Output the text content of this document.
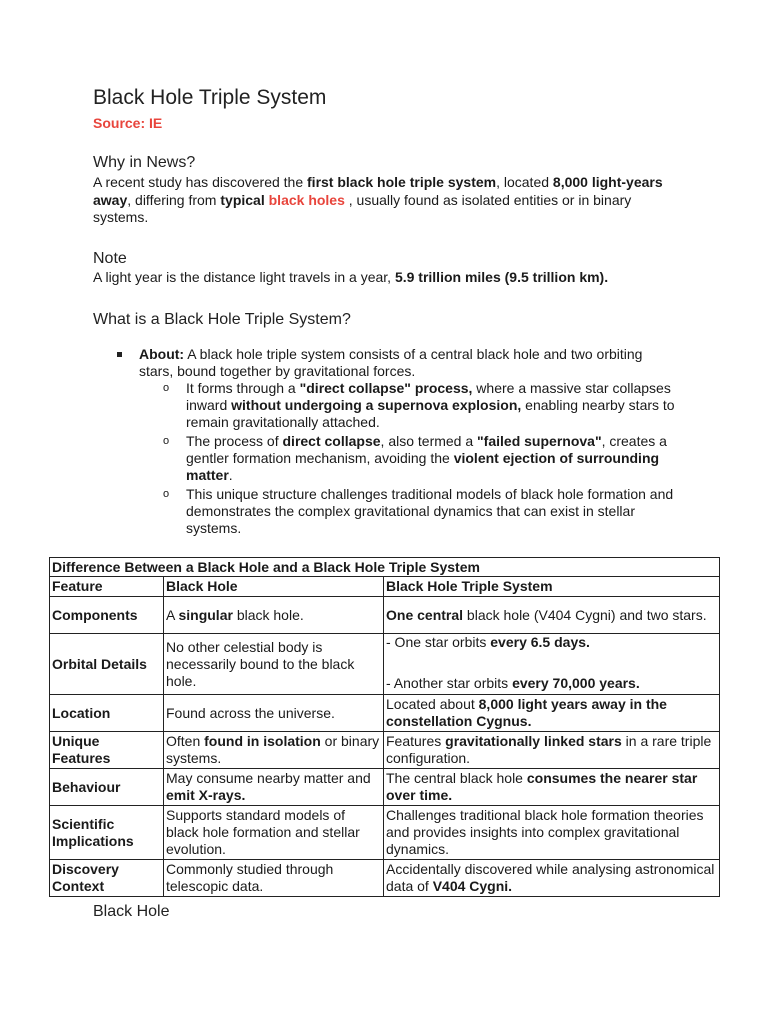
Black Hole Triple System
Source: IE
Why in News?
A recent study has discovered the first black hole triple system, located 8,000 light-years away, differing from typical black holes , usually found as isolated entities or in binary systems.
Note
A light year is the distance light travels in a year, 5.9 trillion miles (9.5 trillion km).
What is a Black Hole Triple System?
About: A black hole triple system consists of a central black hole and two orbiting stars, bound together by gravitational forces.
o It forms through a "direct collapse" process, where a massive star collapses inward without undergoing a supernova explosion, enabling nearby stars to remain gravitationally attached.
o The process of direct collapse, also termed a "failed supernova", creates a gentler formation mechanism, avoiding the violent ejection of surrounding matter.
o This unique structure challenges traditional models of black hole formation and demonstrates the complex gravitational dynamics that can exist in stellar systems.
Difference Between a Black Hole and a Black Hole Triple System		
Feature	Black Hole	Black Hole Triple System
Components	A singular black hole.	One central black hole (V404 Cygni) and two stars.
Orbital Details	No other celestial body is necessarily bound to the black hole.	- One star orbits every 6.5 days.
- Another star orbits every 70,000 years.

Location	Found across the universe.	Located about 8,000 light years away in the constellation Cygnus.
Unique Features	Often found in isolation or binary systems.	Features gravitationally linked stars in a rare triple configuration.
Behaviour	May consume nearby matter and emit X-rays.	The central black hole consumes the nearer star over time.
Scientific Implications	Supports standard models of black hole formation and stellar evolution.	Challenges traditional black hole formation theories and provides insights into complex gravitational dynamics.
Discovery Context	Commonly studied through telescopic data.	Accidentally discovered while analysing astronomical data of V404 Cygni.
Black Hole
